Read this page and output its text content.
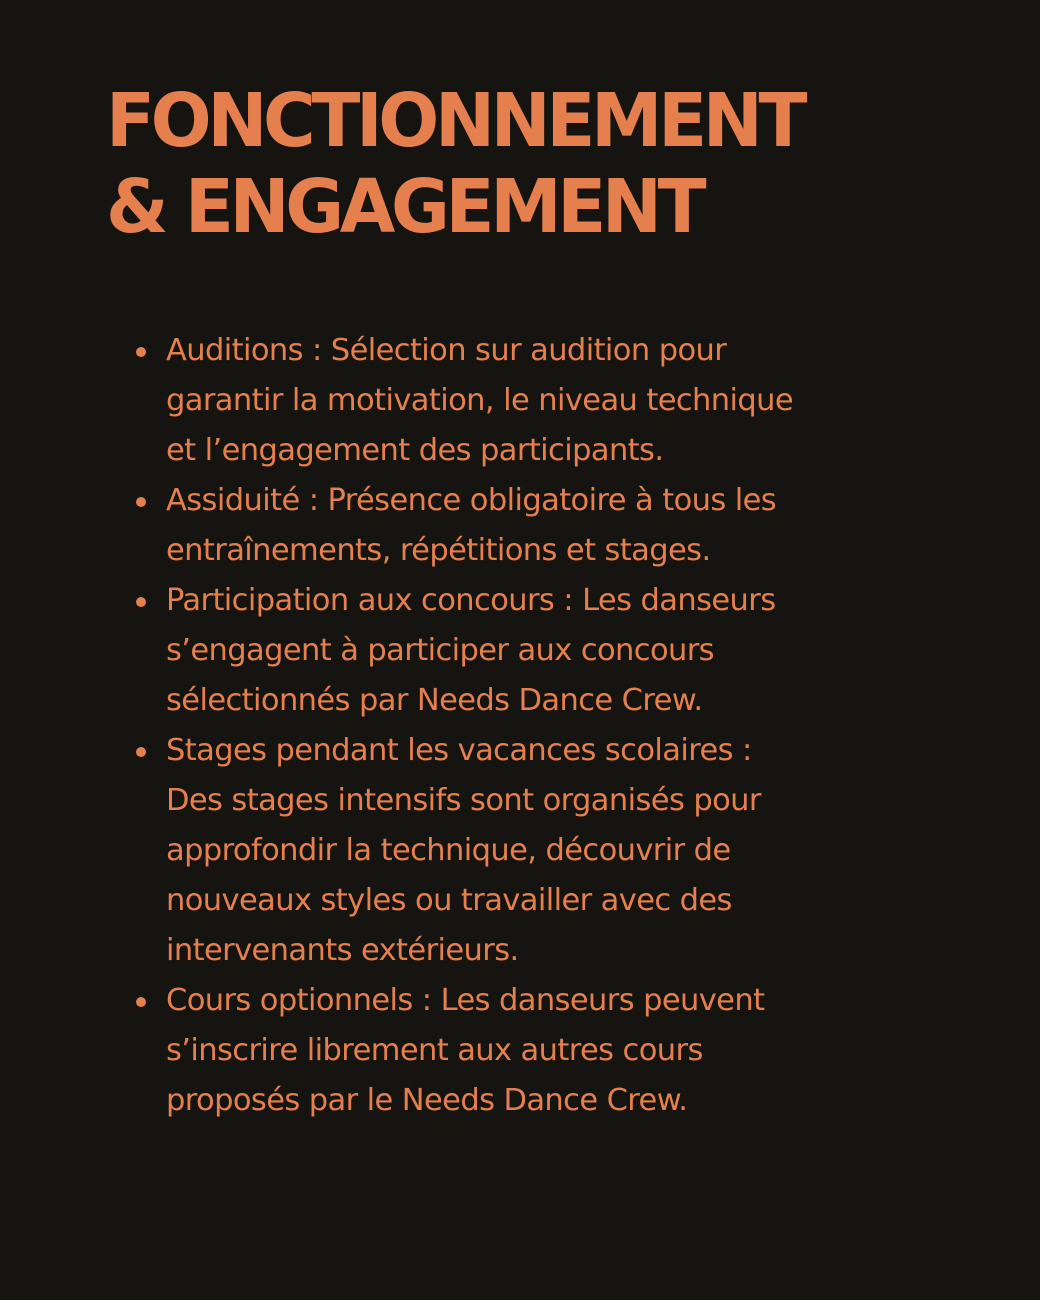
FONCTIONNEMENT
& ENGAGEMENT
Auditions : Sélection sur audition pour
garantir la motivation, le niveau technique
et l’engagement des participants.
Assiduité : Présence obligatoire à tous les
entraînements, répétitions et stages.
Participation aux concours : Les danseurs
s’engagent à participer aux concours
sélectionnés par Needs Dance Crew.
Stages pendant les vacances scolaires :
Des stages intensifs sont organisés pour
approfondir la technique, découvrir de
nouveaux styles ou travailler avec des
intervenants extérieurs.
Cours optionnels : Les danseurs peuvent
s’inscrire librement aux autres cours
proposés par le Needs Dance Crew.
